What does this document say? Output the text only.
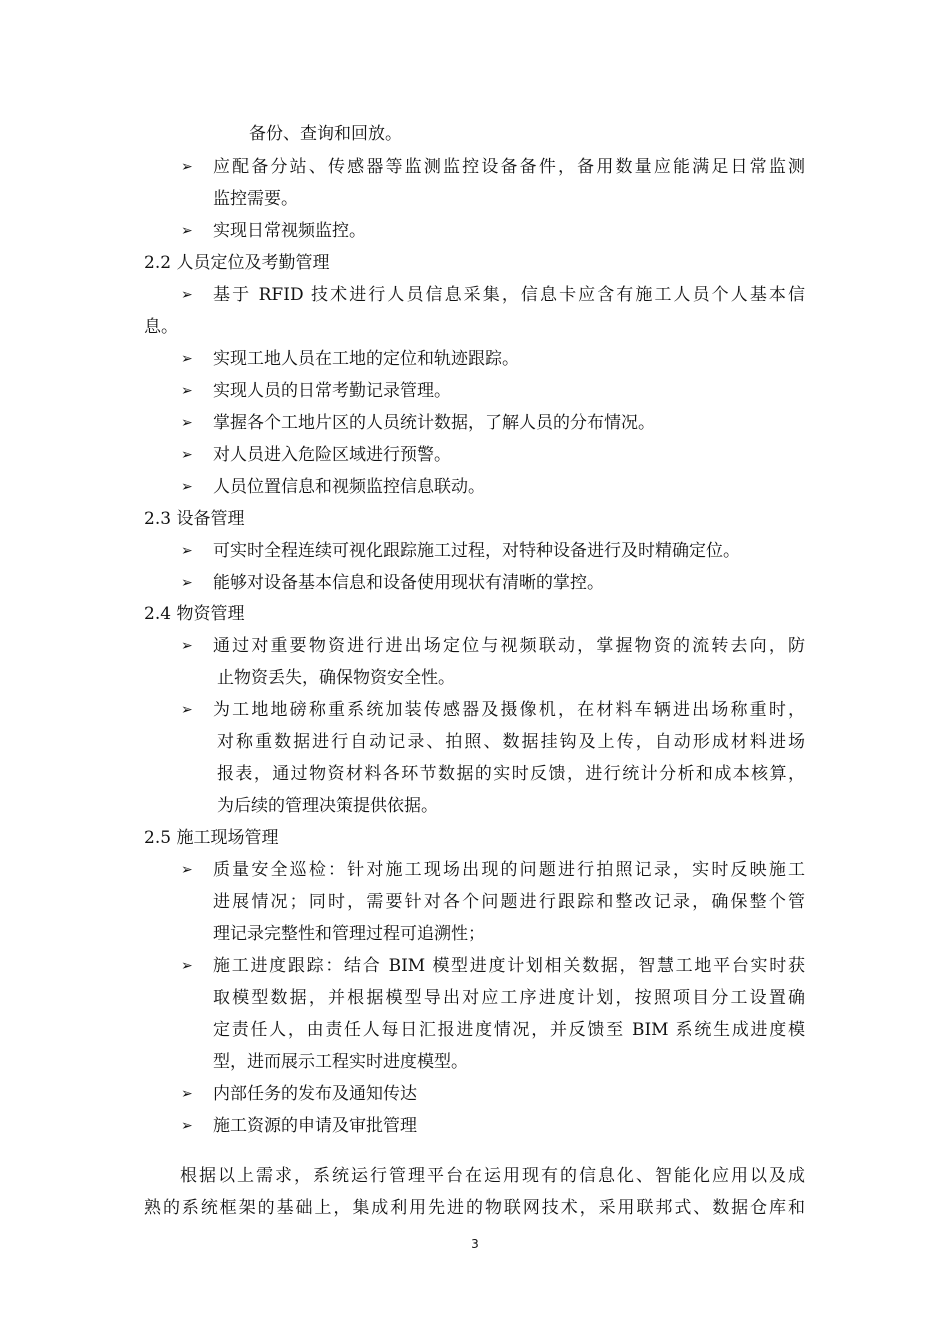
备份、查询和回放。
➢ 应配备分站、传感器等监测监控设备备件，备用数量应能满足日常监测
监控需要。
➢ 实现日常视频监控。
2.2 人员定位及考勤管理
➢ 基于 RFID 技术进行人员信息采集，信息卡应含有施工人员个人基本信
息。
➢ 实现工地人员在工地的定位和轨迹跟踪。
➢ 实现人员的日常考勤记录管理。
➢ 掌握各个工地片区的人员统计数据，了解人员的分布情况。
➢ 对人员进入危险区域进行预警。
➢ 人员位置信息和视频监控信息联动。
2.3 设备管理
➢ 可实时全程连续可视化跟踪施工过程，对特种设备进行及时精确定位。
➢ 能够对设备基本信息和设备使用现状有清晰的掌控。
2.4 物资管理
➢ 通过对重要物资进行进出场定位与视频联动，掌握物资的流转去向，防
止物资丢失，确保物资安全性。
➢ 为工地地磅称重系统加装传感器及摄像机，在材料车辆进出场称重时，
对称重数据进行自动记录、拍照、数据挂钩及上传，自动形成材料进场
报表，通过物资材料各环节数据的实时反馈，进行统计分析和成本核算，
为后续的管理决策提供依据。
2.5 施工现场管理
➢ 质量安全巡检：针对施工现场出现的问题进行拍照记录，实时反映施工
进展情况；同时，需要针对各个问题进行跟踪和整改记录，确保整个管
理记录完整性和管理过程可追溯性；
➢ 施工进度跟踪：结合 BIM 模型进度计划相关数据，智慧工地平台实时获
取模型数据，并根据模型导出对应工序进度计划，按照项目分工设置确
定责任人，由责任人每日汇报进度情况，并反馈至 BIM 系统生成进度模
型，进而展示工程实时进度模型。
➢ 内部任务的发布及通知传达
➢ 施工资源的申请及审批管理
根据以上需求，系统运行管理平台在运用现有的信息化、智能化应用以及成
熟的系统框架的基础上，集成利用先进的物联网技术，采用联邦式、数据仓库和
3
